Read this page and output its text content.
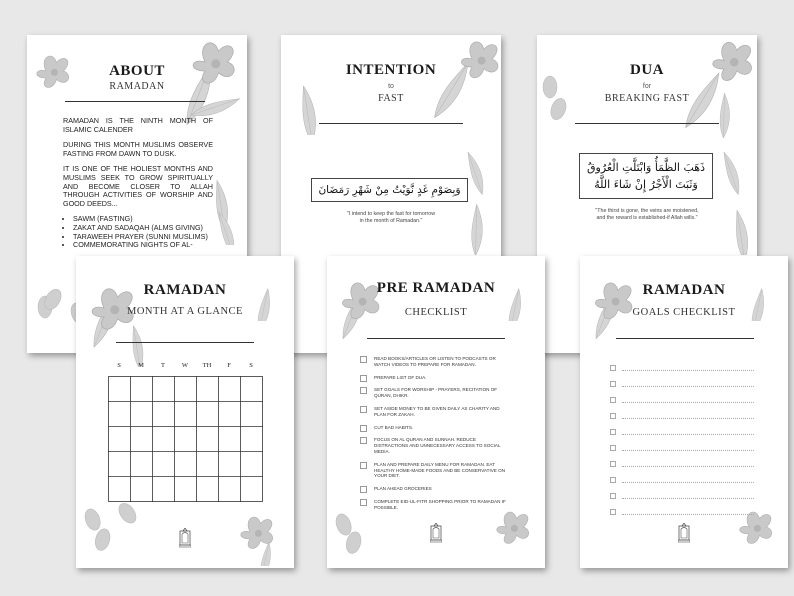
ABOUT
RAMADAN

RAMADAN IS THE NINTH MONTH OF ISLAMIC CALENDER

DURING THIS MONTH MUSLIMS OBSERVE FASTING FROM DAWN TO DUSK.

IT IS ONE OF THE HOLIEST MONTHS AND MUSLIMS SEEK TO GROW SPIRITUALLY AND BECOME CLOSER TO ALLAH THROUGH ACTIVITIES OF WORSHIP AND GOOD DEEDS...

• SAWM (FASTING)
• ZAKAT AND SADAQAH (ALMS GIVING)
• TARAWEEH PRAYER (SUNNI MUSLIMS)
• COMMEMORATING NIGHTS OF AL-
INTENTION
to
FAST
وَبِصَوْمِ غَدٍ نَّوَيْتُ مِنْ شَهْرِ رَمَضَانَ
"I intend to keep the fast for tomorrow
in the month of Ramadan."
DUA
for
BREAKING FAST
ذَهَبَ الظَّمَأُ وَابْتَلَّتِ الْعُرُوقُ
وَثَبَتَ الْأَجْرُ إِنْ شَاءَ اللَّهُ
"The thirst is gone, the veins are moistened,
and the reward is established-if Allah wills."
RAMADAN
MONTH AT A GLANCE
S	M	T	W	TH	F	S
PRE RAMADAN
CHECKLIST
READ BOOKS/ARTICLES OR LISTEN TO PODCASTS OR WATCH VIDEOS TO PREPARE FOR RAMADAN.
PREPARE LIST OF DUA.
SET GOALS FOR WORSHIP - PRAYERS, RECITATION OF QURAN, DHIKR.
SET ASIDE MONEY TO BE GIVEN DAILY AS CHARITY AND PLAN FOR ZAKAH.
CUT BAD HABITS.
FOCUS ON AL QURAN AND SUNNAH. REDUCE DISTRACTIONS AND UNNECESSARY ACCESS TO SOCIAL MEDIA.
PLAN AND PREPARE DAILY MENU FOR RAMADAN. EAT HEALTHY HOME-MADE FOODS AND BE CONSERVATIVE ON YOUR DIET.
PLAN AHEAD GROCERIES
COMPLETE EID-UL-FITR SHOPPING PRIOR TO RAMADAN IF POSSIBLE.
RAMADAN
GOALS CHECKLIST
